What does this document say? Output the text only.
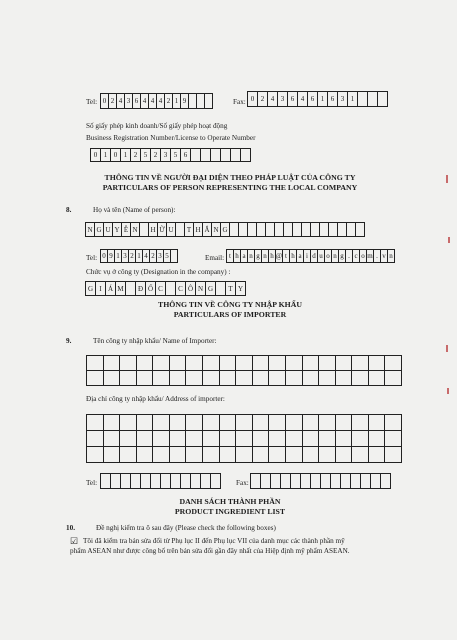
Tel: 0 2 4 3 6 4 4 4 2 1 9	Fax: 0 2 4 3 6 4 6 1 6 3 1
Số giấy phép kinh doanh/Số giấy phép hoạt động
Business Registration Number/License to Operate Number
0 1 0 1 2 5 2 3 5 6
THÔNG TIN VỀ NGƯỜI ĐẠI DIỆN THEO PHÁP LUẬT CỦA CÔNG TY
PARTICULARS OF PERSON REPRESENTING THE LOCAL COMPANY
8.	Họ và tên (Name of person):
N G U Y Ễ N	H Ữ U	T H Ắ N G
Tel: 0 9 1 3 2 1 4 2 3 5	Email: t h a n g n h @ t h a i d u o n g . c o m . v n
Chức vụ ở công ty (Designation in the company) :
G I Á M	Đ Ố C	C Ô N G	T Y
THÔNG TIN VỀ CÔNG TY NHẬP KHẨU
PARTICULARS OF IMPORTER
9.	Tên công ty nhập khẩu/ Name of Importer:
Địa chỉ công ty nhập khẩu/ Address of importer:
Tel:	Fax:
DANH SÁCH THÀNH PHẦN
PRODUCT INGREDIENT LIST
10.	Đề nghị kiểm tra ô sau đây (Please check the following boxes)
☑ Tôi đã kiểm tra bản sửa đổi từ Phụ lục II đến Phụ lục VII của danh mục các thành phần mỹ
phẩm ASEAN như được công bố trên bản sửa đổi gần đây nhất của Hiệp định mỹ phẩm ASEAN.
